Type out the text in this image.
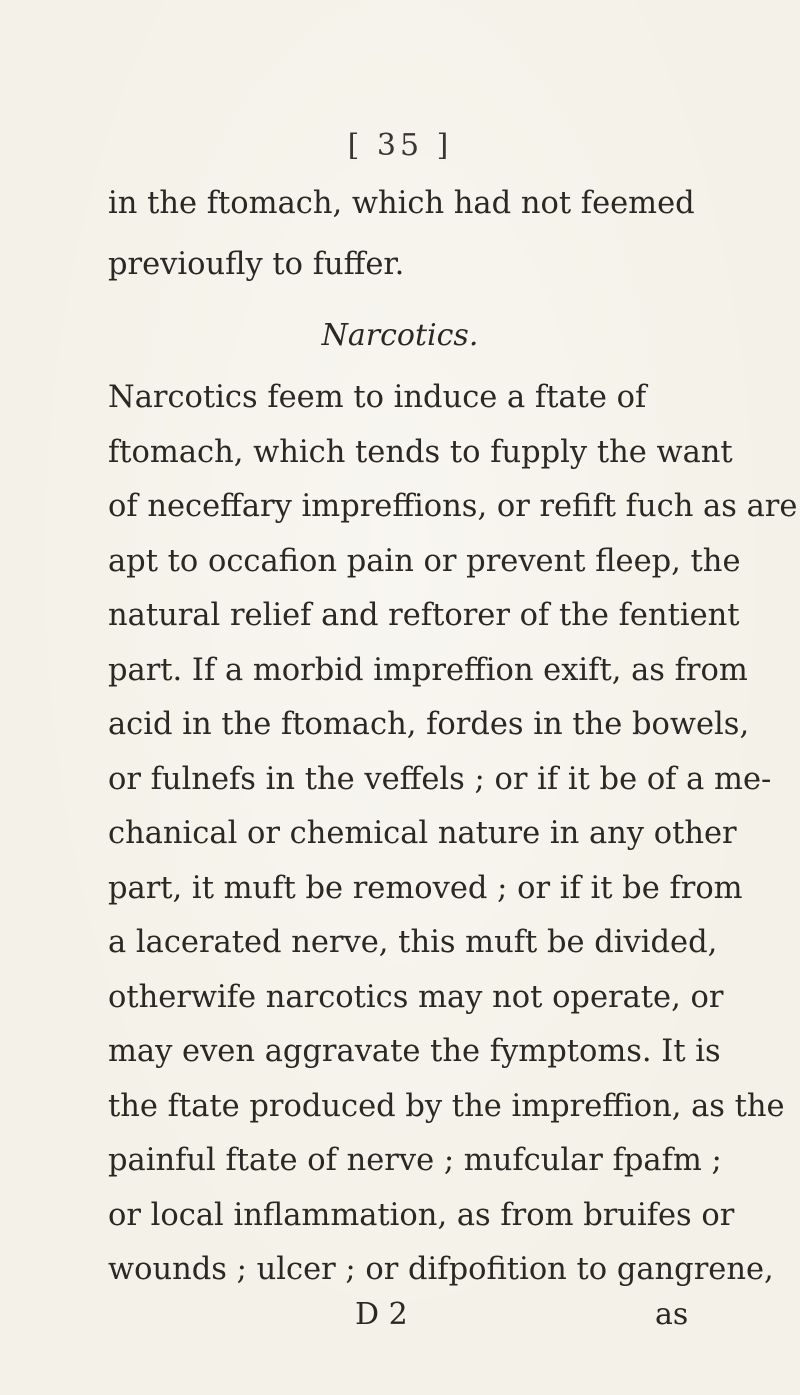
[ 35 ]
in the ftomach, which had not feemed
previoufly to fuffer.
Narcotics.
Narcotics feem to induce a ftate of
ftomach, which tends to fupply the want
of neceffary impreffions, or refift fuch as are
apt to occafion pain or prevent fleep, the
natural relief and reftorer of the fentient
part. If a morbid impreffion exift, as from
acid in the ftomach, fordes in the bowels,
or fulnefs in the veffels ; or if it be of a me-
chanical or chemical nature in any other
part, it muft be removed ; or if it be from
a lacerated nerve, this muft be divided,
otherwife narcotics may not operate, or
may even aggravate the fymptoms. It is
the ftate produced by the impreffion, as the
painful ftate of nerve ; mufcular fpafm ;
or local inflammation, as from bruifes or
wounds ; ulcer ; or difpofition to gangrene,
D 2	as
